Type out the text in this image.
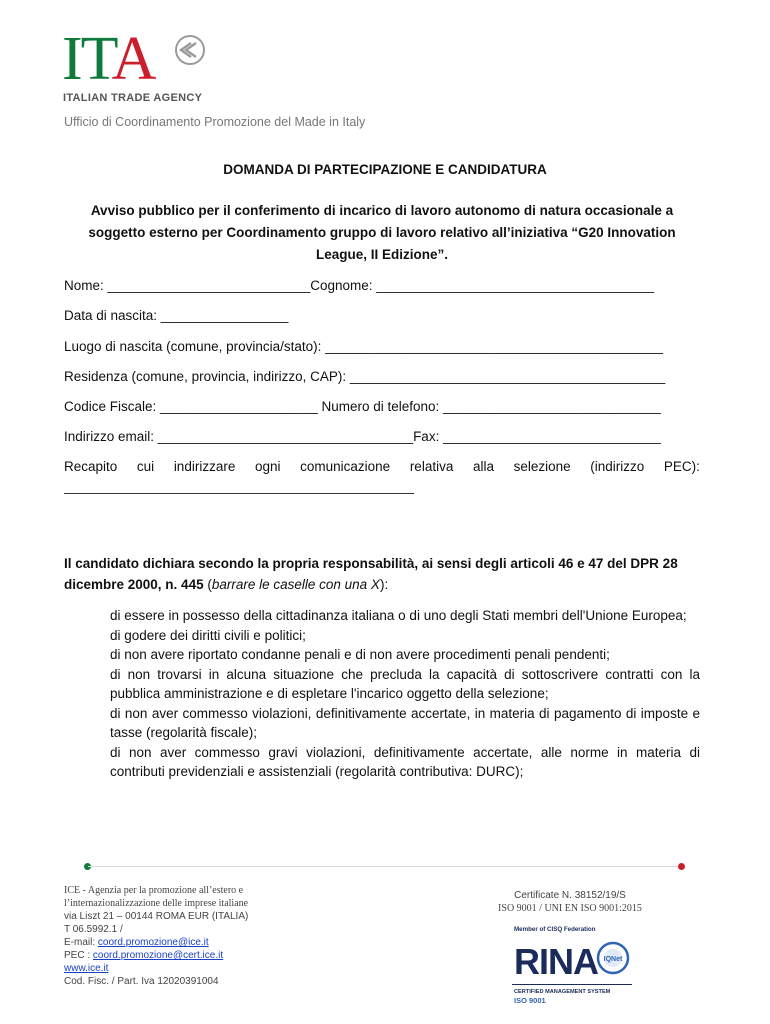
ITA
ITALIAN TRADE AGENCY
Ufficio di Coordinamento Promozione del Made in Italy
DOMANDA DI PARTECIPAZIONE E CANDIDATURA
Avviso pubblico per il conferimento di incarico di lavoro autonomo di natura occasionale a soggetto esterno per Coordinamento gruppo di lavoro relativo all’iniziativa “G20 Innovation League, II Edizione”.
Nome: ___________________________Cognome: _____________________________________
Data di nascita: _________________
Luogo di nascita (comune, provincia/stato): _____________________________________________
Residenza (comune, provincia, indirizzo, CAP): __________________________________________
Codice Fiscale: _____________________ Numero di telefono: _____________________________
Indirizzo email: __________________________________Fax: _____________________________
Recapito cui indirizzare ogni comunicazione relativa alla selezione (indirizzo PEC):
Il candidato dichiara secondo la propria responsabilità, ai sensi degli articoli 46 e 47 del DPR 28 dicembre 2000, n. 445 (barrare le caselle con una X):
di essere in possesso della cittadinanza italiana o di uno degli Stati membri dell'Unione Europea;
di godere dei diritti civili e politici;
di non avere riportato condanne penali e di non avere procedimenti penali pendenti;
di non trovarsi in alcuna situazione che precluda la capacità di sottoscrivere contratti con la pubblica amministrazione e di espletare l'incarico oggetto della selezione;
di non aver commesso violazioni, definitivamente accertate, in materia di pagamento di imposte e tasse (regolarità fiscale);
di non aver commesso gravi violazioni, definitivamente accertate, alle norme in materia di contributi previdenziali e assistenziali (regolarità contributiva: DURC);
ICE - Agenzia per la promozione all’estero e
l’internazionalizzazione delle imprese italiane
via Liszt 21 – 00144 ROMA EUR (ITALIA)
T 06.5992.1 /
E-mail: coord.promozione@ice.it
PEC : coord.promozione@cert.ice.it
www.ice.it
Cod. Fisc. / Part. Iva 12020391004
Certificate N. 38152/19/S
ISO 9001 / UNI EN ISO 9001:2015
Member of CISQ Federation
RINA IQNet
CERTIFIED MANAGEMENT SYSTEM
ISO 9001
